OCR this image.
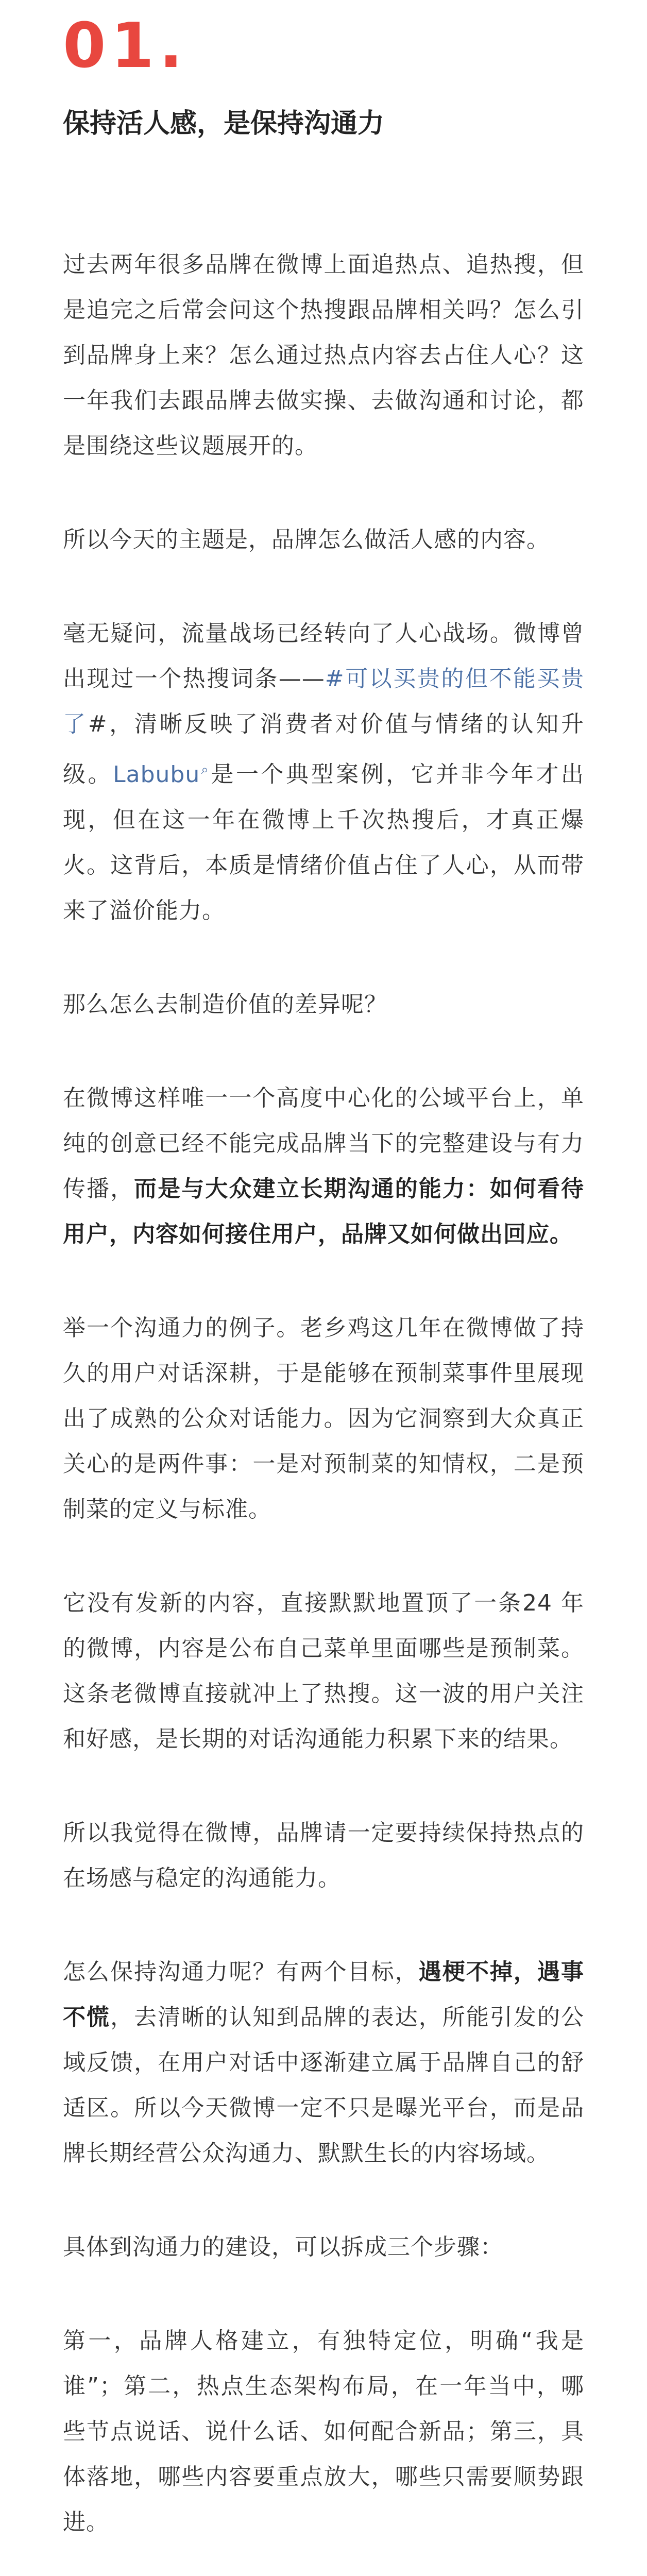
01.
保持活人感，是保持沟通力

过去两年很多品牌在微博上面追热点、追热搜，但是追完之后常会问这个热搜跟品牌相关吗？怎么引到品牌身上来？怎么通过热点内容去占住人心？这一年我们去跟品牌去做实操、去做沟通和讨论，都是围绕这些议题展开的。

所以今天的主题是，品牌怎么做活人感的内容。

毫无疑问，流量战场已经转向了人心战场。微博曾出现过一个热搜词条——#可以买贵的但不能买贵了#，清晰反映了消费者对价值与情绪的认知升级。Labubu⌕是一个典型案例，它并非今年才出现，但在这一年在微博上千次热搜后，才真正爆火。这背后，本质是情绪价值占住了人心，从而带来了溢价能力。

那么怎么去制造价值的差异呢？

在微博这样唯一一个高度中心化的公域平台上，单纯的创意已经不能完成品牌当下的完整建设与有力传播，而是与大众建立长期沟通的能力：如何看待用户，内容如何接住用户，品牌又如何做出回应。

举一个沟通力的例子。老乡鸡这几年在微博做了持久的用户对话深耕，于是能够在预制菜事件里展现出了成熟的公众对话能力。因为它洞察到大众真正关心的是两件事：一是对预制菜的知情权，二是预制菜的定义与标准。

它没有发新的内容，直接默默地置顶了一条24 年的微博，内容是公布自己菜单里面哪些是预制菜。这条老微博直接就冲上了热搜。这一波的用户关注和好感，是长期的对话沟通能力积累下来的结果。

所以我觉得在微博，品牌请一定要持续保持热点的在场感与稳定的沟通能力。

怎么保持沟通力呢？有两个目标，遇梗不掉，遇事不慌，去清晰的认知到品牌的表达，所能引发的公域反馈，在用户对话中逐渐建立属于品牌自己的舒适区。所以今天微博一定不只是曝光平台，而是品牌长期经营公众沟通力、默默生长的内容场域。

具体到沟通力的建设，可以拆成三个步骤：

第一，品牌人格建立，有独特定位，明确“我是谁”；第二，热点生态架构布局，在一年当中，哪些节点说话、说什么话、如何配合新品；第三，具体落地，哪些内容要重点放大，哪些只需要顺势跟进。
